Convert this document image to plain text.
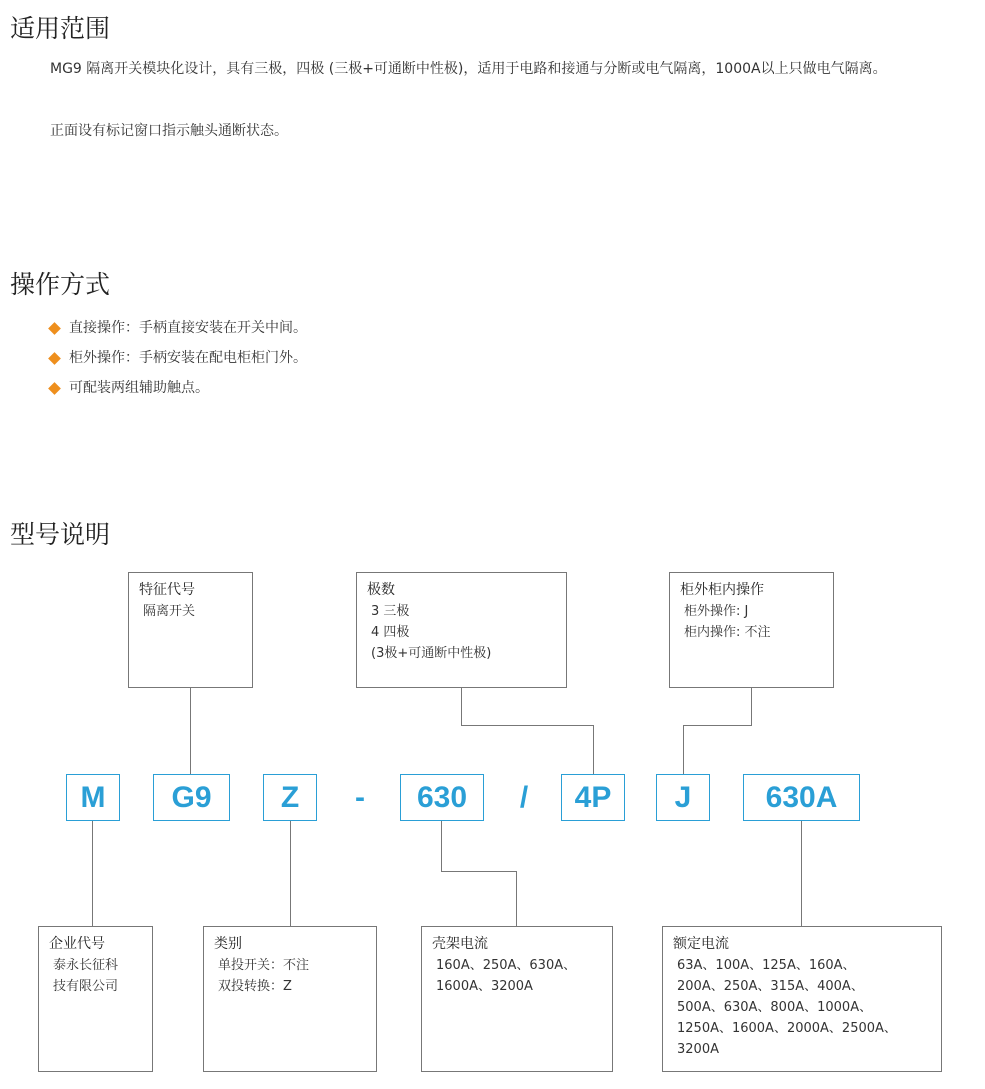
适用范围

MG9 隔离开关模块化设计，具有三极，四极 (三极+可通断中性极)，适用于电路和接通与分断或电气隔离，1000A以上只做电气隔离。

正面设有标记窗口指示触头通断状态。

操作方式
直接操作：手柄直接安装在开关中间。
柜外操作：手柄安装在配电柜柜门外。
可配装两组辅助触点。
型号说明
特征代号
隔离开关
极数
3 三极
4 四极
(3极+可通断中性极)
柜外柜内操作
柜外操作: J
柜内操作: 不注
M	G9	Z	-	630	/	4P	J	630A
企业代号
泰永长征科
技有限公司
类别
单投开关：不注
双投转换：Z
壳架电流
160A、250A、630A、
1600A、3200A
额定电流
63A、100A、125A、160A、
200A、250A、315A、400A、
500A、630A、800A、1000A、
1250A、1600A、2000A、2500A、
3200A
